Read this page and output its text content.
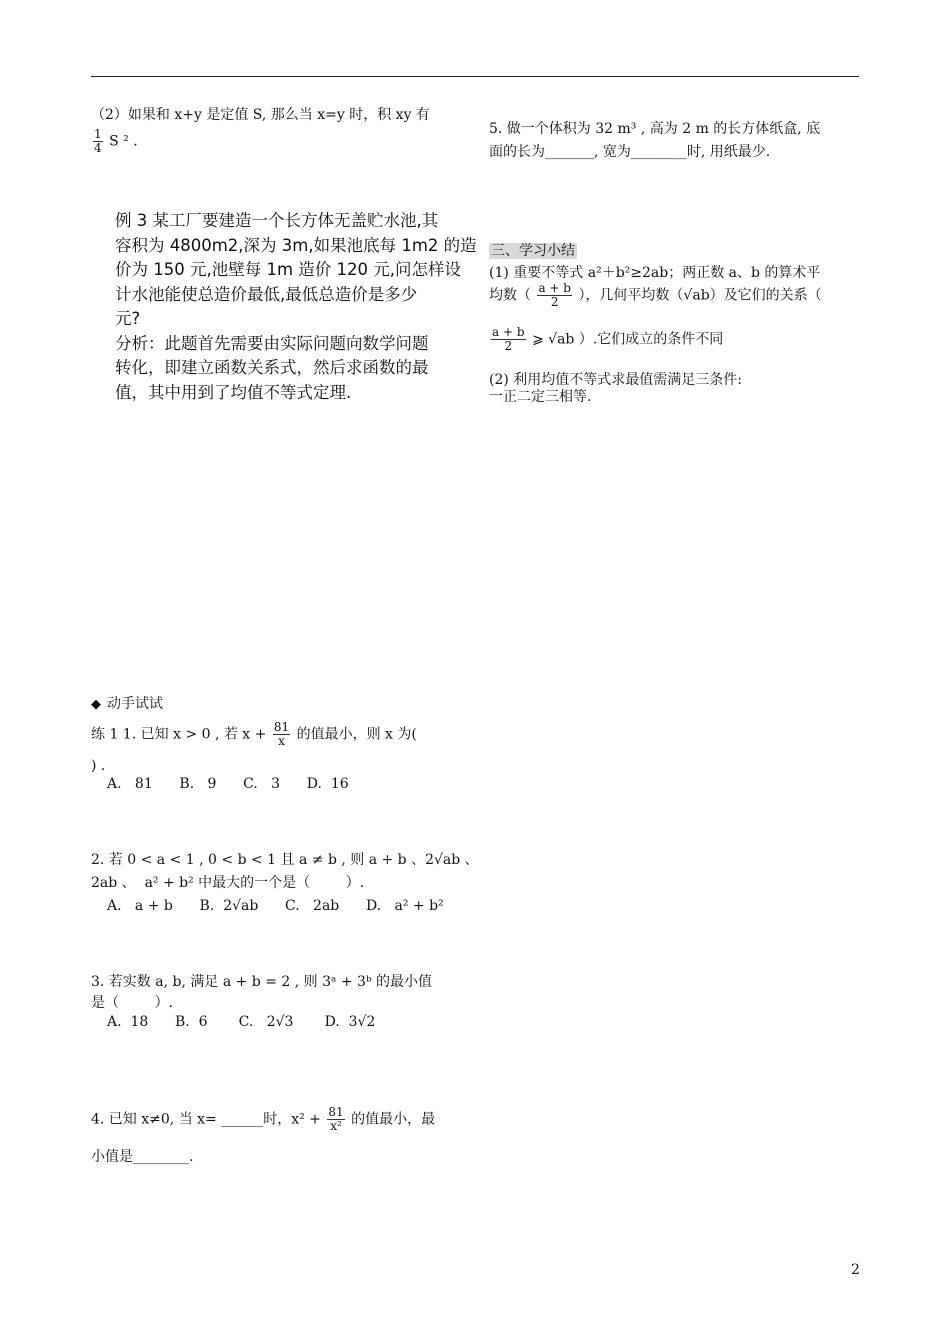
（2）如果和 x+y 是定值 S, 那么当 x=y 时，积 xy 有
$\frac{1}{4}$ S ² .
例 3 某工厂要建造一个长方体无盖贮水池,其
容积为 4800m2,深为 3m,如果池底每 1m2 的造
价为 150 元,池壁每 1m 造价 120 元,问怎样设
计水池能使总造价最低,最低总造价是多少
元?
分析：此题首先需要由实际问题向数学问题
转化，即建立函数关系式，然后求函数的最
值，其中用到了均值不等式定理.
◆ 动手试试
练 1 1. 已知 x > 0 , 若 $x + \frac{81}{x}$ 的值最小，则 x 为(
) .
A.   81      B.   9      C.   3      D.  16
2. 若 0 < a < 1 , 0 < b < 1 且 a ≠ b , 则 a + b 、2√ab 、
2ab 、  a² + b² 中最大的一个是（        ）.
A.   a + b      B.  2√ab      C.   2ab      D.   a² + b²
3. 若实数 a, b, 满足 a + b = 2 , 则 3ᵃ + 3ᵇ 的最小值
是（        ）.
A.  18      B.  6       C.   2√3       D.  3√2
4. 已知 x≠0, 当 x= ______时，$x^2 + \frac{81}{\text{x²}}$ 的值最小，最
小值是________.
5. 做一个体积为 32 m³ , 高为 2 m 的长方体纸盒, 底
面的长为_______, 宽为________时, 用纸最少.
三、学习小结
(1) 重要不等式 a²＋b²≥2ab；两正数 a、b 的算术平
均数（ $\frac{a + b}{2}$ ），几何平均数（√ab）及它们的关系（
$\frac{a + b}{2}$ ⩾ √ab ）.它们成立的条件不同
(2) 利用均值不等式求最值需满足三条件:
一正二定三相等.
2
